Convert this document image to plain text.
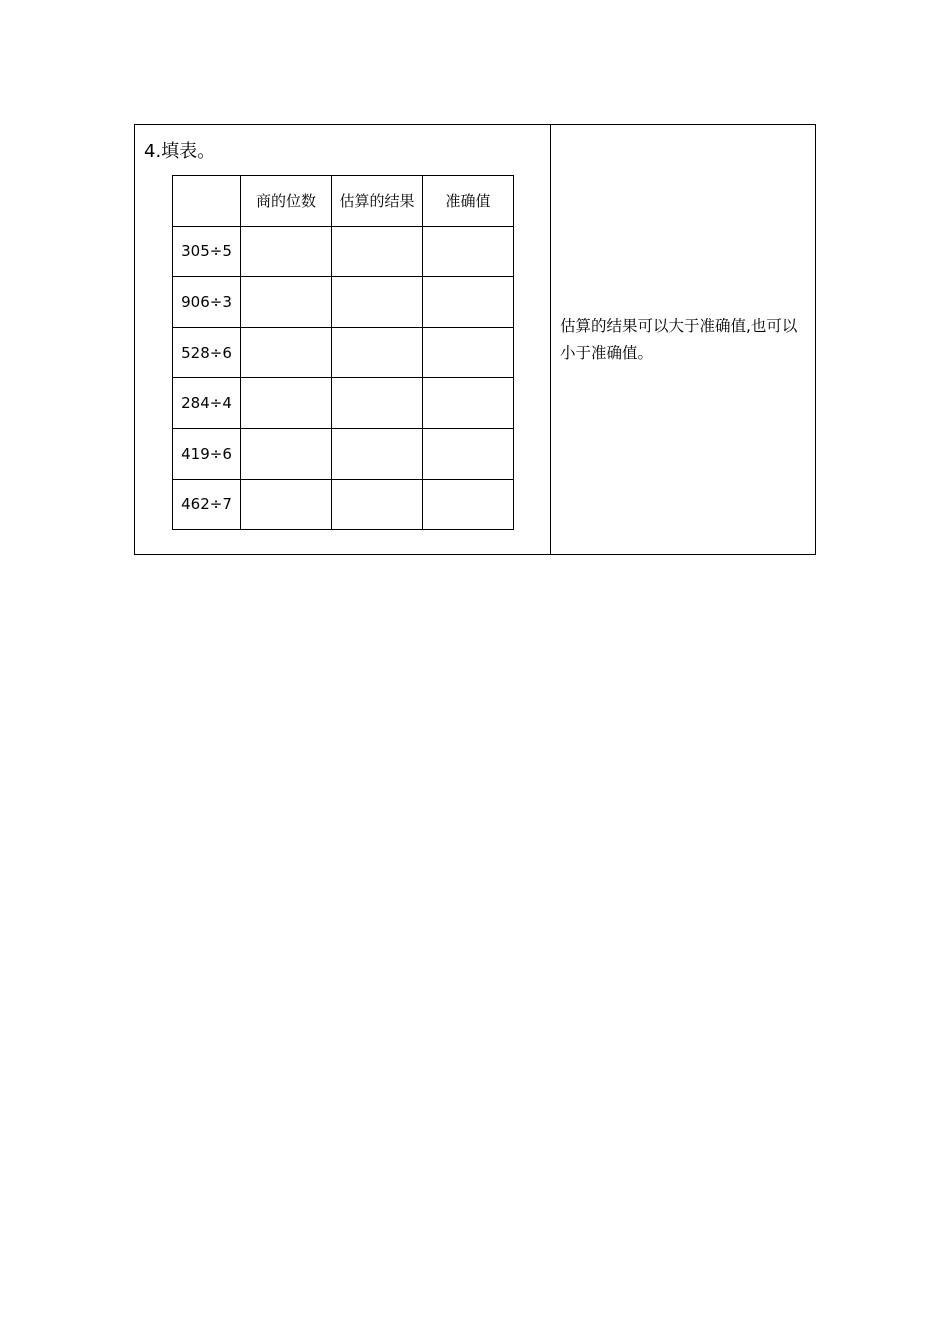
4.填表。
	商的位数	估算的结果	准确值
305÷5			
906÷3			
528÷6			
284÷4			
419÷6			
462÷7			

估算的结果可以大于准确值,也可以小于准确值。
